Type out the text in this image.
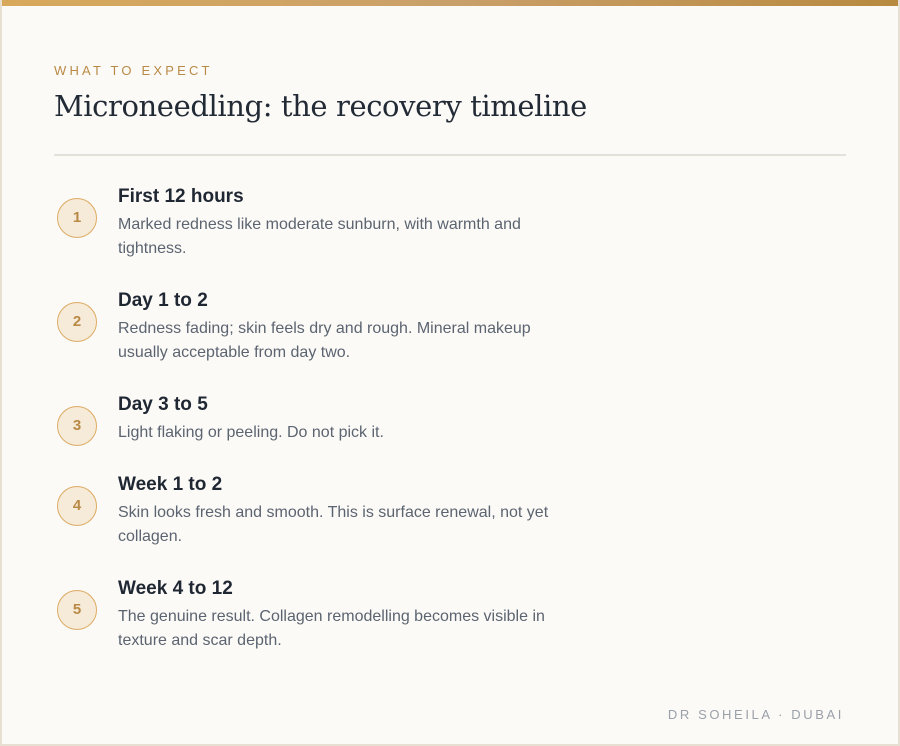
WHAT TO EXPECT

Microneedling: the recovery timeline
1
First 12 hours

Marked redness like moderate sunburn, with warmth and tightness.

2
Day 1 to 2

Redness fading; skin feels dry and rough. Mineral makeup usually acceptable from day two.

3
Day 3 to 5

Light flaking or peeling. Do not pick it.

4
Week 1 to 2

Skin looks fresh and smooth. This is surface renewal, not yet collagen.

5
Week 4 to 12

The genuine result. Collagen remodelling becomes visible in texture and scar depth.

DR SOHEILA · DUBAI
